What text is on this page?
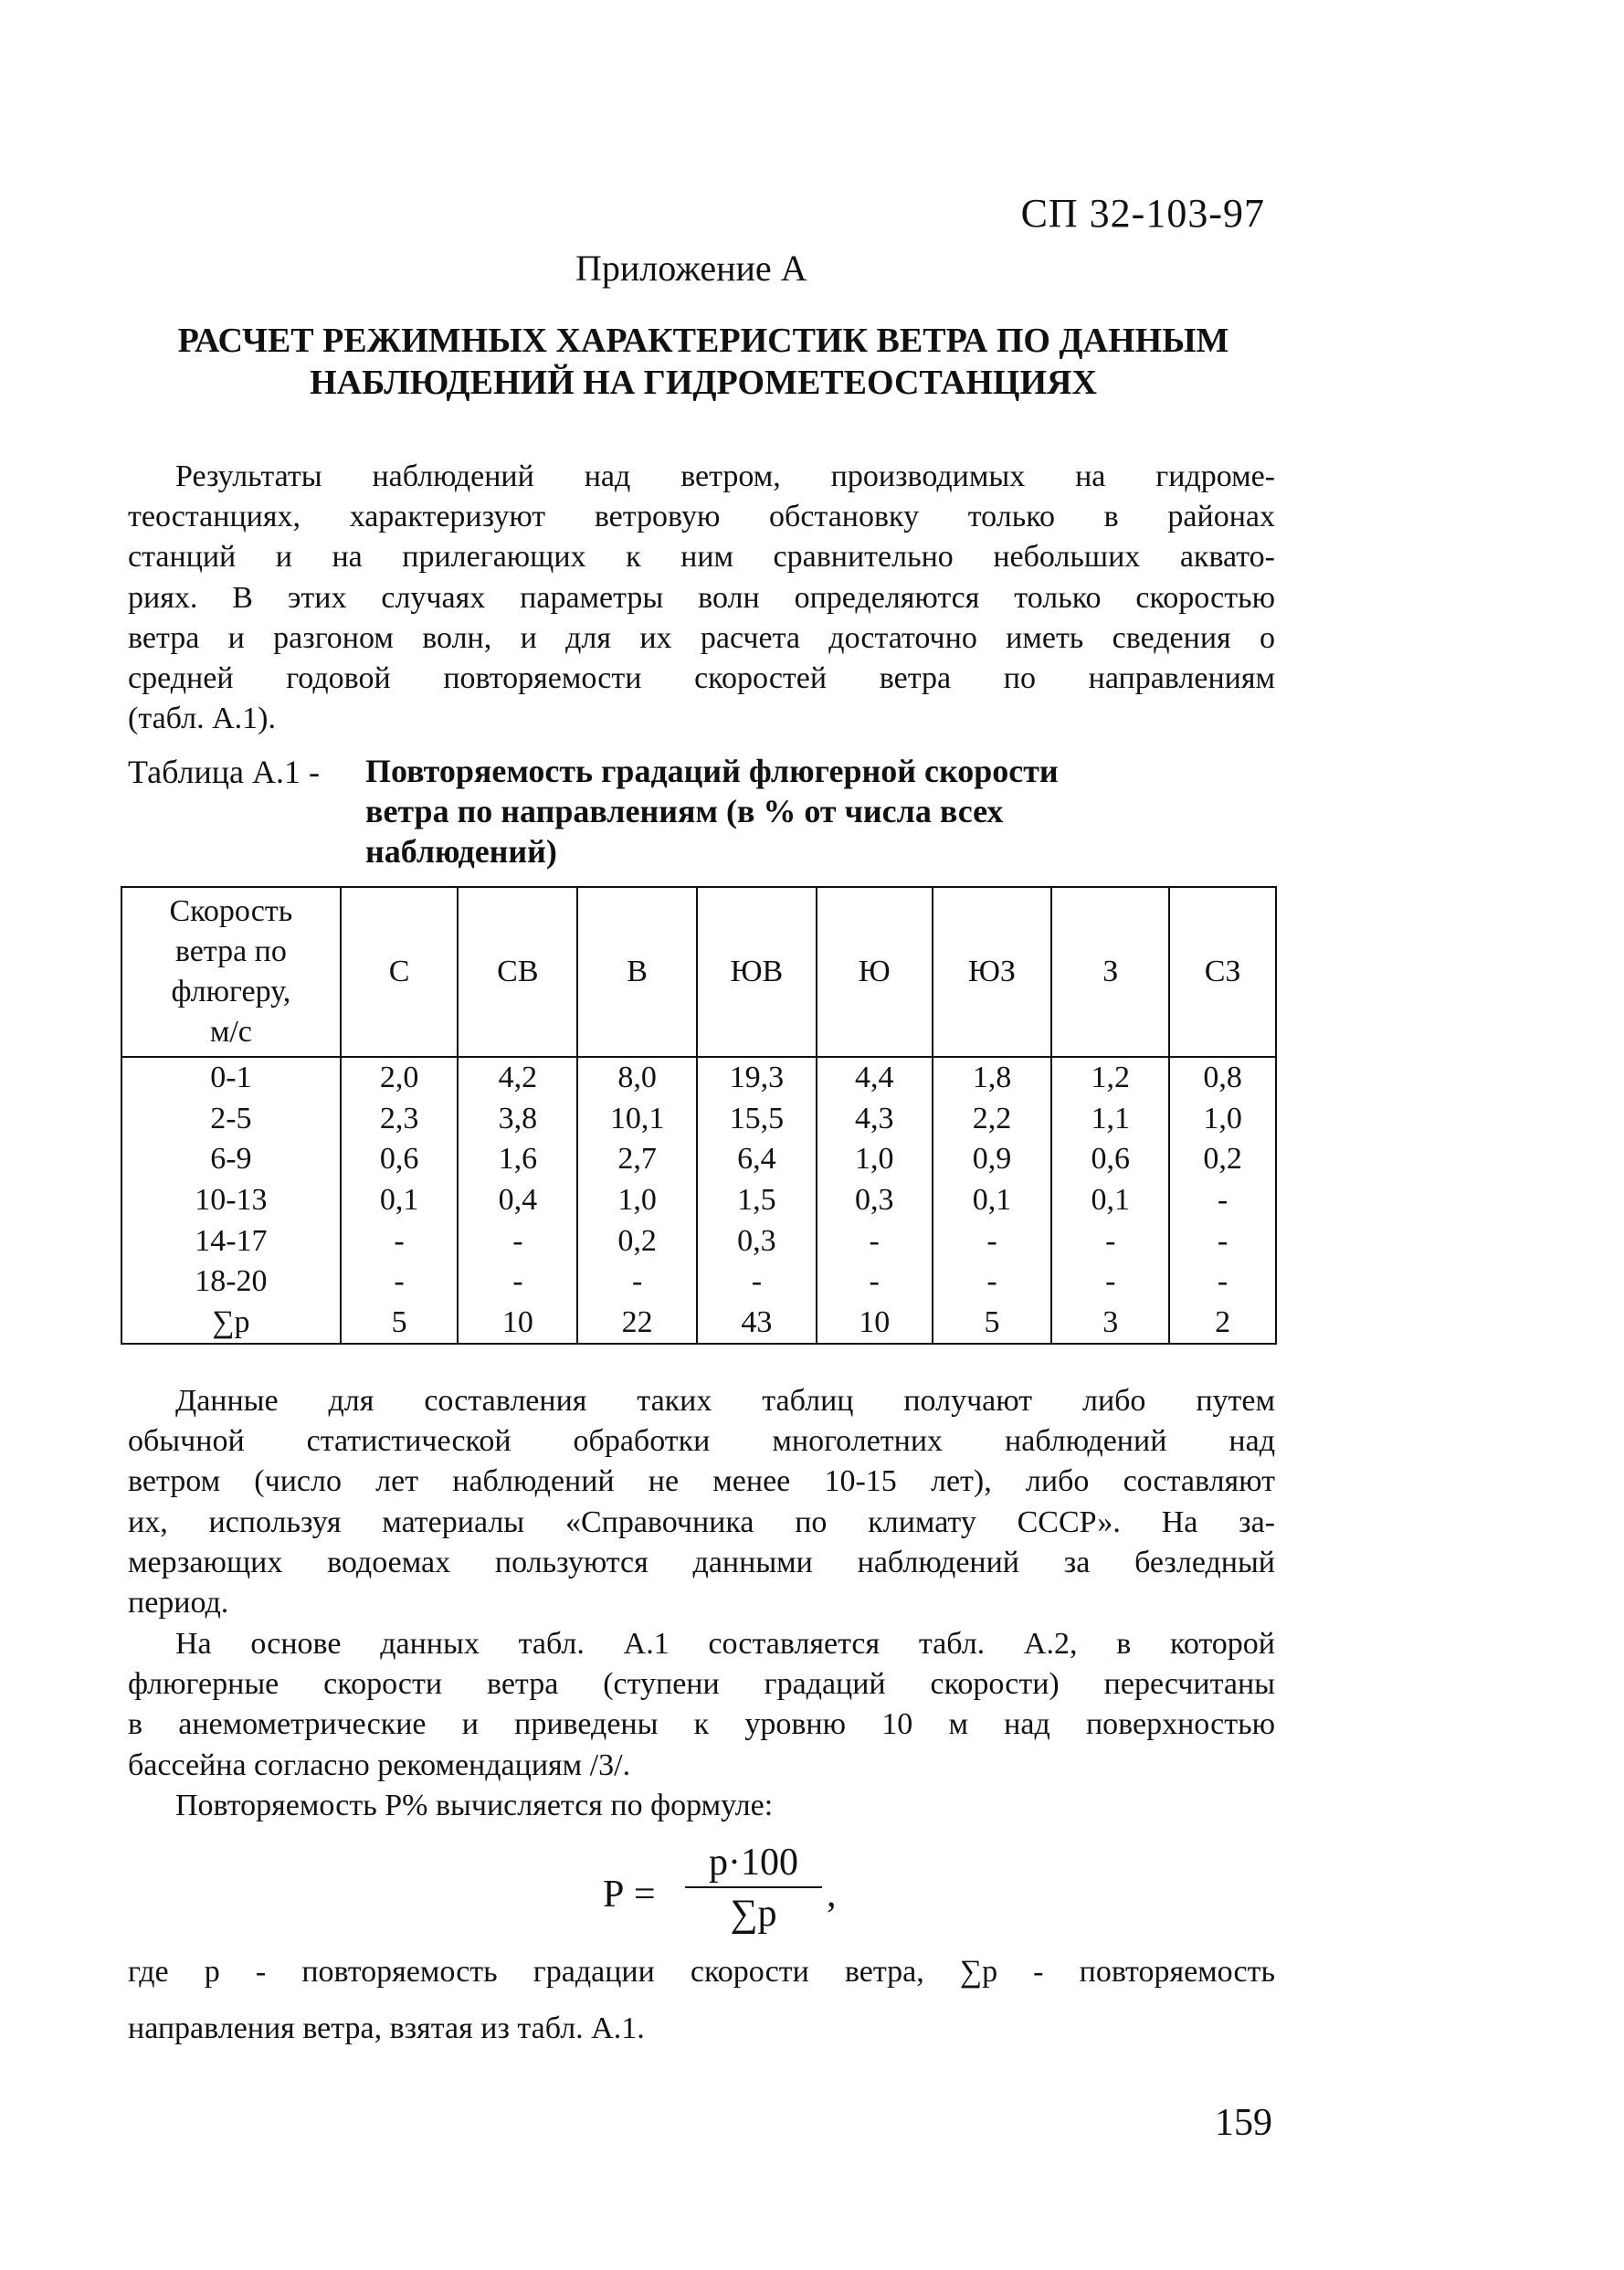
СП 32-103-97
Приложение А
РАСЧЕТ РЕЖИМНЫХ ХАРАКТЕРИСТИК ВЕТРА ПО ДАННЫМ
НАБЛЮДЕНИЙ НА ГИДРОМЕТЕОСТАНЦИЯХ
Результаты наблюдений над ветром, производимых на гидроме-
теостанциях, характеризуют ветровую обстановку только в районах
станций и на прилегающих к ним сравнительно небольших аквато-
риях. В этих случаях параметры волн определяются только скоростью
ветра и разгоном волн, и для их расчета достаточно иметь сведения о
средней годовой повторяемости скоростей ветра по направлениям
(табл. А.1).
Таблица А.1 - Повторяемость градаций флюгерной скорости
ветра по направлениям (в % от числа всех
наблюдений)
Скорость
ветра по
флюгеру,
м/с	С	СВ	В	ЮВ	Ю	ЮЗ	З	СЗ
0-1	2,0	4,2	8,0	19,3	4,4	1,8	1,2	0,8
2-5	2,3	3,8	10,1	15,5	4,3	2,2	1,1	1,0
6-9	0,6	1,6	2,7	6,4	1,0	0,9	0,6	0,2
10-13	0,1	0,4	1,0	1,5	0,3	0,1	0,1	-
14-17	-	-	0,2	0,3	-	-	-	-
18-20	-	-	-	-	-	-	-	-
∑р	5	10	22	43	10	5	3	2
Данные для составления таких таблиц получают либо путем
обычной статистической обработки многолетних наблюдений над
ветром (число лет наблюдений не менее 10-15 лет), либо составляют
их, используя материалы «Справочника по климату СССР». На за-
мерзающих водоемах пользуются данными наблюдений за безледный
период.
На основе данных табл. А.1 составляется табл. А.2, в которой
флюгерные скорости ветра (ступени градаций скорости) пересчитаны
в анемометрические и приведены к уровню 10 м над поверхностью
бассейна согласно рекомендациям /3/.
Повторяемость Р% вычисляется по формуле:
Р =
р·100
∑р	,
где р - повторяемость градации скорости ветра, ∑р - повторяемость
направления ветра, взятая из табл. А.1.
159
